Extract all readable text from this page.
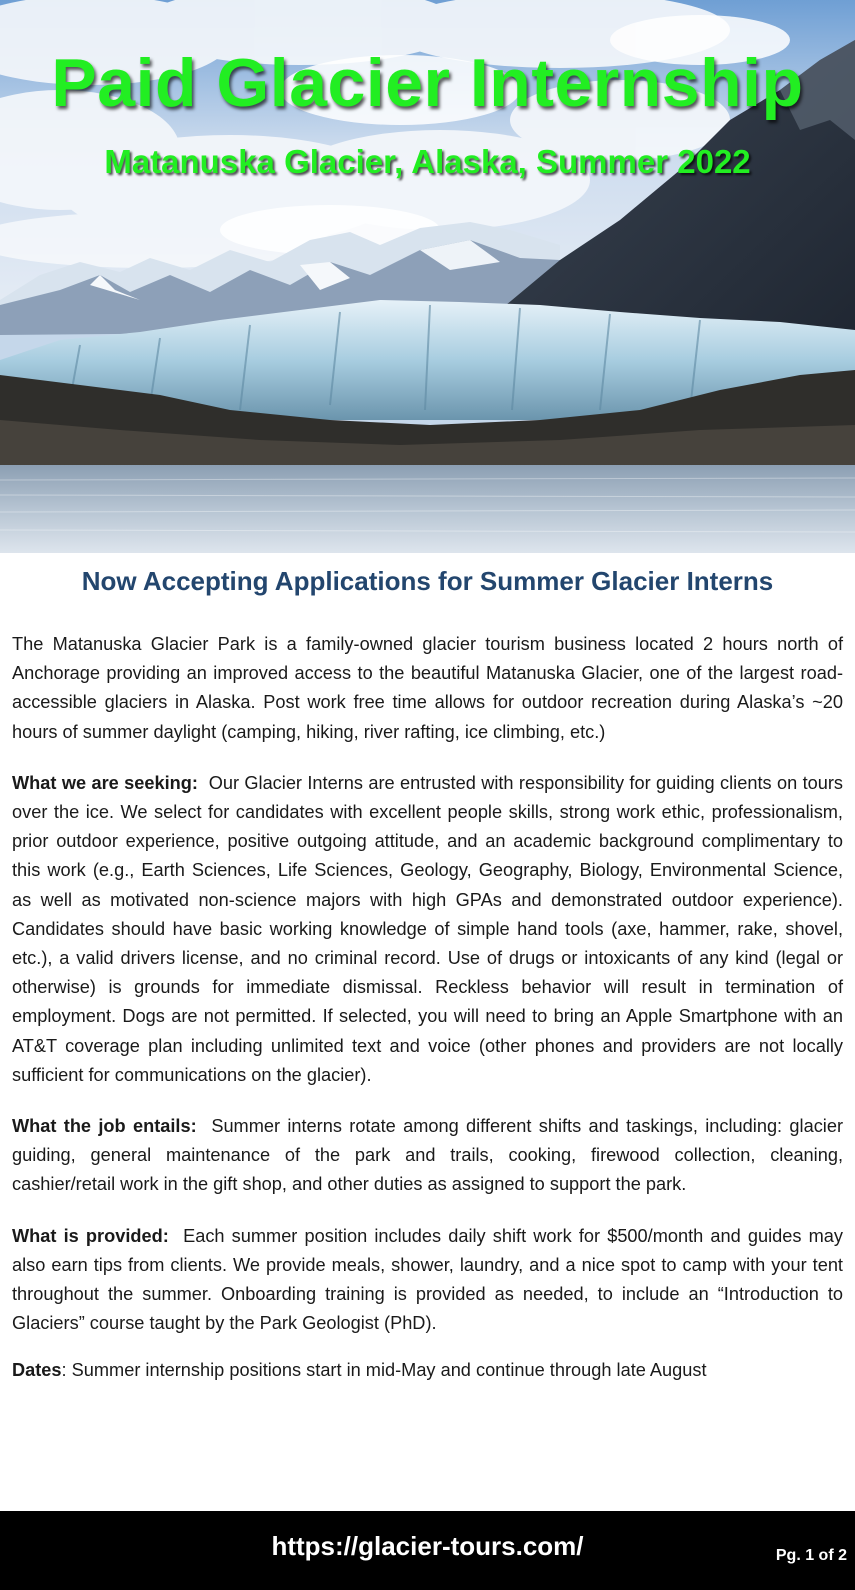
Paid Glacier Internship
Matanuska Glacier, Alaska, Summer 2022
Now Accepting Applications for Summer Glacier Interns

The Matanuska Glacier Park is a family-owned glacier tourism business located 2 hours north of Anchorage providing an improved access to the beautiful Matanuska Glacier, one of the largest road-accessible glaciers in Alaska. Post work free time allows for outdoor recreation during Alaska’s ~20 hours of summer daylight (camping, hiking, river rafting, ice climbing, etc.)

What we are seeking: Our Glacier Interns are entrusted with responsibility for guiding clients on tours over the ice. We select for candidates with excellent people skills, strong work ethic, professionalism, prior outdoor experience, positive outgoing attitude, and an academic background complimentary to this work (e.g., Earth Sciences, Life Sciences, Geology, Geography, Biology, Environmental Science, as well as motivated non-science majors with high GPAs and demonstrated outdoor experience). Candidates should have basic working knowledge of simple hand tools (axe, hammer, rake, shovel, etc.), a valid drivers license, and no criminal record. Use of drugs or intoxicants of any kind (legal or otherwise) is grounds for immediate dismissal. Reckless behavior will result in termination of employment. Dogs are not permitted. If selected, you will need to bring an Apple Smartphone with an AT&T coverage plan including unlimited text and voice (other phones and providers are not locally sufficient for communications on the glacier).

What the job entails: Summer interns rotate among different shifts and taskings, including: glacier guiding, general maintenance of the park and trails, cooking, firewood collection, cleaning, cashier/retail work in the gift shop, and other duties as assigned to support the park.

What is provided: Each summer position includes daily shift work for $500/month and guides may also earn tips from clients. We provide meals, shower, laundry, and a nice spot to camp with your tent throughout the summer. Onboarding training is provided as needed, to include an “Introduction to Glaciers” course taught by the Park Geologist (PhD).

Dates: Summer internship positions start in mid-May and continue through late August

https://glacier-tours.com/	Pg. 1 of 2
